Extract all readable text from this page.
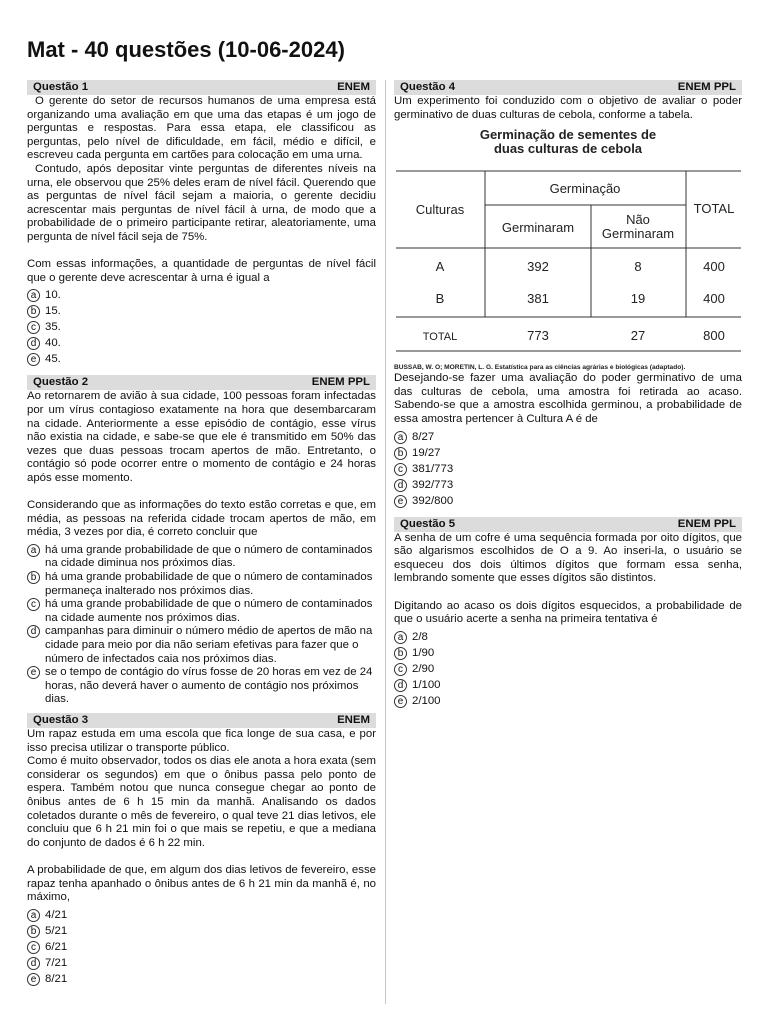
Mat - 40 questões (10-06-2024)
Questão 1	ENEM

O gerente do setor de recursos humanos de uma empresa está organizando uma avaliação em que uma das etapas é um jogo de perguntas e respostas. Para essa etapa, ele classificou as perguntas, pelo nível de dificuldade, em fácil, médio e difícil, e escreveu cada pergunta em cartões para colocação em uma urna.

Contudo, após depositar vinte perguntas de diferentes níveis na urna, ele observou que 25% deles eram de nível fácil. Querendo que as perguntas de nível fácil sejam a maioria, o gerente decidiu acrescentar mais perguntas de nível fácil à urna, de modo que a probabilidade de o primeiro participante retirar, aleatoriamente, uma pergunta de nível fácil seja de 75%.

Com essas informações, a quantidade de perguntas de nível fácil que o gerente deve acrescentar à urna é igual a

a 10.
b 15.
c 35.
d 40.
e 45.
Questão 2	ENEM PPL

Ao retornarem de avião à sua cidade, 100 pessoas foram infectadas por um vírus contagioso exatamente na hora que desembarcaram na cidade. Anteriormente a esse episódio de contágio, esse vírus não existia na cidade, e sabe-se que ele é transmitido em 50% das vezes que duas pessoas trocam apertos de mão. Entretanto, o contágio só pode ocorrer entre o momento de contágio e 24 horas após esse momento.

Considerando que as informações do texto estão corretas e que, em média, as pessoas na referida cidade trocam apertos de mão, em média, 3 vezes por dia, é correto concluir que

a há uma grande probabilidade de que o número de contaminados na cidade diminua nos próximos dias.
b há uma grande probabilidade de que o número de contaminados permaneça inalterado nos próximos dias.
c há uma grande probabilidade de que o número de contaminados na cidade aumente nos próximos dias.
d campanhas para diminuir o número médio de apertos de mão na cidade para meio por dia não seriam efetivas para fazer que o número de infectados caia nos próximos dias.
e se o tempo de contágio do vírus fosse de 20 horas em vez de 24 horas, não deverá haver o aumento de contágio nos próximos dias.
Questão 3	ENEM

Um rapaz estuda em uma escola que fica longe de sua casa, e por isso precisa utilizar o transporte público.

Como é muito observador, todos os dias ele anota a hora exata (sem considerar os segundos) em que o ônibus passa pelo ponto de espera. Também notou que nunca consegue chegar ao ponto de ônibus antes de 6 h 15 min da manhã. Analisando os dados coletados durante o mês de fevereiro, o qual teve 21 dias letivos, ele concluiu que 6 h 21 min foi o que mais se repetiu, e que a mediana do conjunto de dados é 6 h 22 min.

A probabilidade de que, em algum dos dias letivos de fevereiro, esse rapaz tenha apanhado o ônibus antes de 6 h 21 min da manhã é, no máximo,

a 4/21
b 5/21
c 6/21
d 7/21
e 8/21
Questão 4	ENEM PPL

Um experimento foi conduzido com o objetivo de avaliar o poder germinativo de duas culturas de cebola, conforme a tabela.

Germinação de sementes de
duas culturas de cebola
Culturas
Germinação
Germinaram
Não
Germinaram
TOTAL
A	392	8	400
B	381	19	400
TOTAL	773	27	800
BUSSAB, W. O; MORETIN, L. G. Estatística para as ciências agrárias e biológicas (adaptado).

Desejando-se fazer uma avaliação do poder germinativo de uma das culturas de cebola, uma amostra foi retirada ao acaso. Sabendo-se que a amostra escolhida germinou, a probabilidade de essa amostra pertencer à Cultura A é de

a 8/27
b 19/27
c 381/773
d 392/773
e 392/800
Questão 5	ENEM PPL

A senha de um cofre é uma sequência formada por oito dígitos, que são algarismos escolhidos de O a 9. Ao inseri-la, o usuário se esqueceu dos dois últimos dígitos que formam essa senha, lembrando somente que esses dígitos são distintos.

Digitando ao acaso os dois dígitos esquecidos, a probabilidade de que o usuário acerte a senha na primeira tentativa é

a 2/8
b 1/90
c 2/90
d 1/100
e 2/100
